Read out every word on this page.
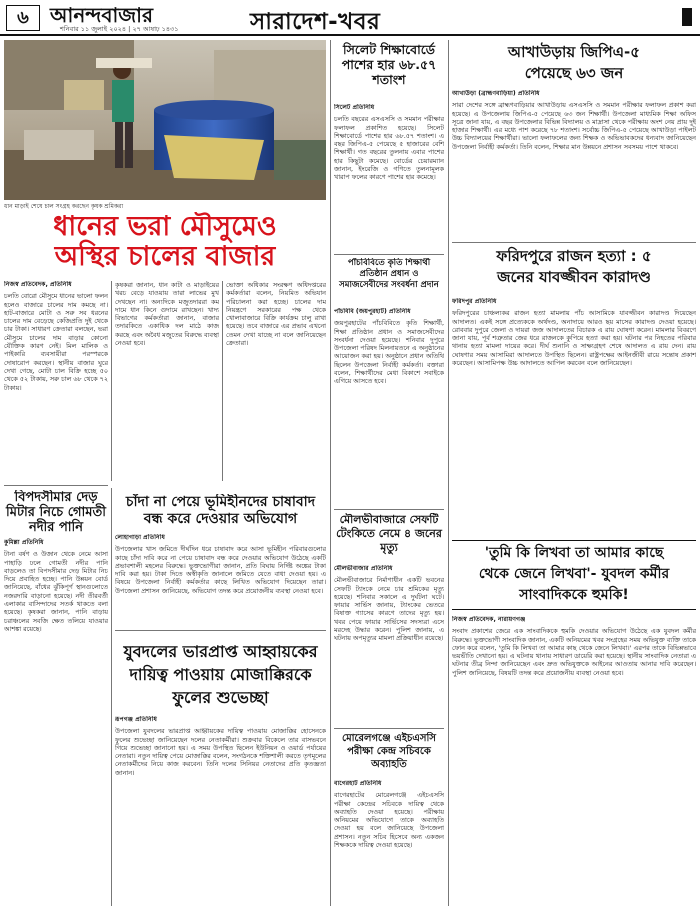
৬	আনন্দবাজার
শনিবার ১১ জুলাই ২০২৪ | ২৭ আষাঢ় ১৪৩১	সারাদেশ-খবর
ধান মাড়াই শেষে চাল সংগ্রহ করছেন কৃষক শ্রমিকরা
ধানের ভরা মৌসুমেও
অস্থির চালের বাজার
নিজস্ব প্রতিবেদক, প্রতিনিধি

চলতি বোরো মৌসুমে ধানের ভালো ফলন হলেও বাজারে চালের দাম কমছে না। হাট-বাজারে মোটা ও সরু সব ধরনের চালের দাম বেড়েছে কেজিপ্রতি দুই থেকে চার টাকা। সাধারণ ক্রেতারা বলছেন, ভরা মৌসুমে চালের দাম বাড়ার কোনো যৌক্তিক কারণ নেই। মিল মালিক ও পাইকারি ব্যবসায়ীরা পরস্পরকে দোষারোপ করছেন। স্থানীয় বাজার ঘুরে দেখা গেছে, মোটা চাল বিক্রি হচ্ছে ৫০ থেকে ৫২ টাকায়, সরু চাল ৬৮ থেকে ৭২ টাকায়।

কৃষকরা জানান, ধান কাটা ও মাড়াইয়ের খরচ বেড়ে যাওয়ায় তারা লাভের মুখ দেখছেন না। অন্যদিকে মজুতদাররা কম দামে ধান কিনে গুদামে রাখছেন। খাদ্য বিভাগের কর্মকর্তারা জানান, বাজার তদারকিতে একাধিক দল মাঠে কাজ করছে এবং অবৈধ মজুতের বিরুদ্ধে ব্যবস্থা নেওয়া হবে।

ভোক্তা অধিকার সংরক্ষণ অধিদপ্তরের কর্মকর্তারা বলেন, নিয়মিত অভিযান পরিচালনা করা হচ্ছে। চালের দাম নিয়ন্ত্রণে সরকারের পক্ষ থেকে খোলাবাজারে বিক্রি কার্যক্রম চালু রাখা হয়েছে। তবে বাজারে এর প্রভাব এখনো তেমন দেখা যাচ্ছে না বলে জানিয়েছেন ক্রেতারা।

বিপদসীমার দেড় মিটার নিচে গোমতী নদীর পানি
কুমিল্লা প্রতিনিধি

টানা বর্ষণ ও উজান থেকে নেমে আসা পাহাড়ি ঢলে গোমতী নদীর পানি বাড়লেও তা বিপদসীমার দেড় মিটার নিচ দিয়ে প্রবাহিত হচ্ছে। পানি উন্নয়ন বোর্ড জানিয়েছে, বাঁধের ঝুঁকিপূর্ণ স্থানগুলোতে নজরদারি বাড়ানো হয়েছে। নদী তীরবর্তী এলাকার বাসিন্দাদের সতর্ক থাকতে বলা হয়েছে। কৃষকরা জানান, পানি বাড়ায় চরাঞ্চলের সবজি ক্ষেত তলিয়ে যাওয়ার আশঙ্কা রয়েছে।

চাঁদা না পেয়ে ভূমিহীনদের চাষাবাদ
বন্ধ করে দেওয়ার অভিযোগ
লোহাগাড়া প্রতিনিধি

উপজেলার খাস জমিতে দীর্ঘদিন ধরে চাষাবাদ করে আসা ভূমিহীন পরিবারগুলোর কাছে চাঁদা দাবি করে না পেয়ে চাষাবাদ বন্ধ করে দেওয়ার অভিযোগ উঠেছে একটি প্রভাবশালী মহলের বিরুদ্ধে। ভুক্তভোগীরা জানান, প্রতি বিঘায় নির্দিষ্ট অঙ্কের টাকা দাবি করা হয়। টাকা দিতে অস্বীকৃতি জানালে জমিতে যেতে বাধা দেওয়া হয়। এ বিষয়ে উপজেলা নির্বাহী কর্মকর্তার কাছে লিখিত অভিযোগ দিয়েছেন তারা। উপজেলা প্রশাসন জানিয়েছে, অভিযোগ তদন্ত করে প্রয়োজনীয় ব্যবস্থা নেওয়া হবে।

যুবদলের ভারপ্রাপ্ত আহ্বায়কের
দায়িত্ব পাওয়ায় মোজাক্কিরকে
ফুলের শুভেচ্ছা
রূপগঞ্জ প্রতিনিধি

উপজেলা যুবদলের ভারপ্রাপ্ত আহ্বায়কের দায়িত্ব পাওয়ায় মোজাক্কির হোসেনকে ফুলের শুভেচ্ছা জানিয়েছেন দলের নেতাকর্মীরা। শুক্রবার বিকেলে তার বাসভবনে গিয়ে শুভেচ্ছা জানানো হয়। এ সময় উপস্থিত ছিলেন ইউনিয়ন ও ওয়ার্ড পর্যায়ের নেতারা। নতুন দায়িত্ব পেয়ে মোজাক্কির বলেন, সংগঠনকে শক্তিশালী করতে তৃণমূলের নেতাকর্মীদের নিয়ে কাজ করবেন। তিনি দলের সিনিয়র নেতাদের প্রতি কৃতজ্ঞতা জানান।

সিলেট শিক্ষাবোর্ডে পাশের হার ৬৮.৫৭ শতাংশ
সিলেট প্রতিনিধি

চলতি বছরের এসএসসি ও সমমান পরীক্ষার ফলাফল প্রকাশিত হয়েছে। সিলেট শিক্ষাবোর্ডে পাশের হার ৬৮.৫৭ শতাংশ। এ বছর জিপিএ-৫ পেয়েছে ৫ হাজারের বেশি শিক্ষার্থী। গত বছরের তুলনায় এবার পাশের হার কিছুটা কমেছে। বোর্ডের চেয়ারম্যান জানান, ইংরেজি ও গণিতে তুলনামূলক খারাপ ফলের কারণে পাশের হার কমেছে।

পাঁচবিবিতে কৃতি শিক্ষার্থী প্রতিষ্ঠান প্রধান ও সমাজসেবীদের সংবর্ধনা প্রদান
পাঁচবিবি (জয়পুরহাট) প্রতিনিধি

জয়পুরহাটের পাঁচবিবিতে কৃতি শিক্ষার্থী, শিক্ষা প্রতিষ্ঠান প্রধান ও সমাজসেবীদের সংবর্ধনা দেওয়া হয়েছে। শনিবার দুপুরে উপজেলা পরিষদ মিলনায়তনে এ অনুষ্ঠানের আয়োজন করা হয়। অনুষ্ঠানে প্রধান অতিথি ছিলেন উপজেলা নির্বাহী কর্মকর্তা। বক্তারা বলেন, শিক্ষার্থীদের মেধা বিকাশে সবাইকে এগিয়ে আসতে হবে।

মৌলভীবাজারে সেফটি টেংকিতে নেমে ৪ জনের মৃত্যু
মৌলভীবাজার প্রতিনিধি

মৌলভীবাজারে নির্মাণাধীন একটি ভবনের সেফটি ট্যাংকে নেমে চার শ্রমিকের মৃত্যু হয়েছে। শনিবার সকালে এ দুর্ঘটনা ঘটে। ফায়ার সার্ভিস জানায়, ট্যাংকের ভেতরে বিষাক্ত গ্যাসের কারণে তাদের মৃত্যু হয়। খবর পেয়ে ফায়ার সার্ভিসের সদস্যরা এসে মরদেহ উদ্ধার করেন। পুলিশ জানায়, এ ঘটনায় অপমৃত্যুর মামলা প্রক্রিয়াধীন রয়েছে।

মোরেলগঞ্জে এইচএসসি পরীক্ষা কেন্দ্র সচিবকে অব্যাহতি
বাগেরহাট প্রতিনিধি

বাগেরহাটের মোরেলগঞ্জে এইচএসসি পরীক্ষা কেন্দ্রের সচিবকে দায়িত্ব থেকে অব্যাহতি দেওয়া হয়েছে। পরীক্ষায় অনিয়মের অভিযোগে তাকে অব্যাহতি দেওয়া হয় বলে জানিয়েছে উপজেলা প্রশাসন। নতুন সচিব হিসেবে অন্য একজন শিক্ষককে দায়িত্ব দেওয়া হয়েছে।

আখাউড়ায় জিপিএ-৫
পেয়েছে ৬৩ জন
আখাউড়া (ব্রাহ্মণবাড়িয়া) প্রতিনিধি

সারা দেশের সঙ্গে ব্রাহ্মণবাড়িয়ার আখাউড়ায় এসএসসি ও সমমান পরীক্ষার ফলাফল প্রকাশ করা হয়েছে। এ উপজেলায় জিপিএ-৫ পেয়েছে ৬৩ জন শিক্ষার্থী। উপজেলা মাধ্যমিক শিক্ষা অফিস সূত্রে জানা যায়, এ বছর উপজেলার বিভিন্ন বিদ্যালয় ও মাদ্রাসা থেকে পরীক্ষায় অংশ নেয় প্রায় দুই হাজার শিক্ষার্থী। এর মধ্যে পাশ করেছে ৭৮ শতাংশ। সর্বোচ্চ জিপিএ-৫ পেয়েছে আখাউড়া পাইলট উচ্চ বিদ্যালয়ের শিক্ষার্থীরা। ভালো ফলাফলের জন্য শিক্ষক ও অভিভাবকদের ধন্যবাদ জানিয়েছেন উপজেলা নির্বাহী কর্মকর্তা। তিনি বলেন, শিক্ষার মান উন্নয়নে প্রশাসন সবসময় পাশে থাকবে।

ফরিদপুরে রাজন হত্যা : ৫
জনের যাবজ্জীবন কারাদণ্ড
ফরিদপুর প্রতিনিধি

ফরিদপুরের চাঞ্চল্যকর রাজন হত্যা মামলায় পাঁচ আসামিকে যাবজ্জীবন কারাদণ্ড দিয়েছেন আদালত। একই সঙ্গে প্রত্যেককে অর্থদণ্ড, অনাদায়ে আরও ছয় মাসের কারাদণ্ড দেওয়া হয়েছে। রোববার দুপুরে জেলা ও দায়রা জজ আদালতের বিচারক এ রায় ঘোষণা করেন। মামলার বিবরণে জানা যায়, পূর্ব শত্রুতার জের ধরে রাজনকে কুপিয়ে হত্যা করা হয়। ঘটনার পর নিহতের পরিবার থানায় হত্যা মামলা দায়ের করে। দীর্ঘ শুনানি ও সাক্ষ্যগ্রহণ শেষে আদালত এ রায় দেন। রায় ঘোষণার সময় আসামিরা আদালতে উপস্থিত ছিলেন। রাষ্ট্রপক্ষের আইনজীবী রায়ে সন্তোষ প্রকাশ করেছেন। আসামিপক্ষ উচ্চ আদালতে আপিল করবেন বলে জানিয়েছেন।

'তুমি কি লিখবা তা আমার কাছে
থেকে জেনে লিখবা'- যুবদল কর্মীর
সাংবাদিককে হুমকি!
নিজস্ব প্রতিবেদক, নারায়ণগঞ্জ

সংবাদ প্রকাশের জেরে এক সাংবাদিককে হুমকি দেওয়ার অভিযোগ উঠেছে এক যুবদল কর্মীর বিরুদ্ধে। ভুক্তভোগী সাংবাদিক জানান, একটি অনিয়মের খবর সংগ্রহের সময় অভিযুক্ত ব্যক্তি তাকে ফোন করে বলেন, 'তুমি কি লিখবা তা আমার কাছ থেকে জেনে লিখবা।' এরপর তাকে বিভিন্নভাবে ভয়ভীতি দেখানো হয়। এ ঘটনায় থানায় সাধারণ ডায়েরি করা হয়েছে। স্থানীয় সাংবাদিক নেতারা এ ঘটনার তীব্র নিন্দা জানিয়েছেন এবং দ্রুত অভিযুক্তকে আইনের আওতায় আনার দাবি করেছেন। পুলিশ জানিয়েছে, বিষয়টি তদন্ত করে প্রয়োজনীয় ব্যবস্থা নেওয়া হবে।
